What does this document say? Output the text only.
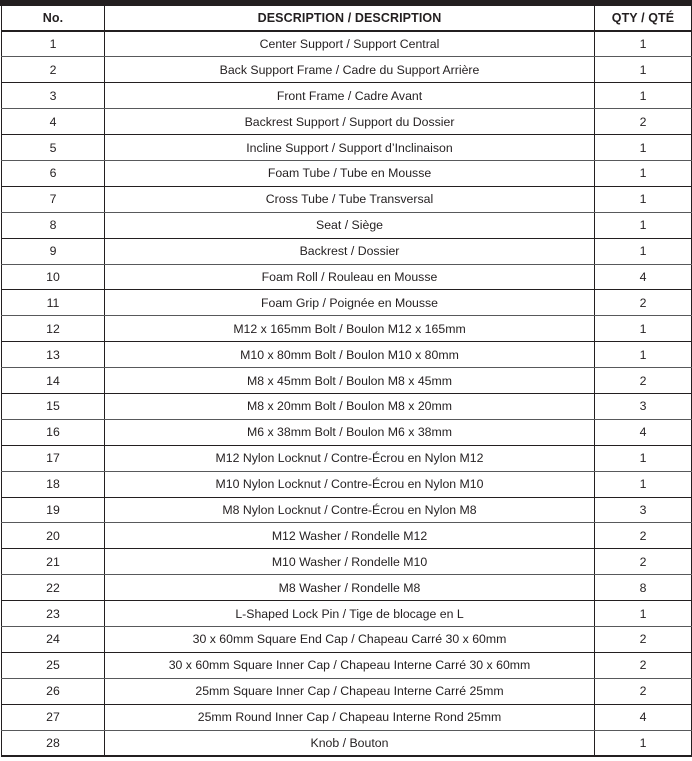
No.	DESCRIPTION / DESCRIPTION	QTY / QTÉ
1	Center Support / Support Central	1
2	Back Support Frame / Cadre du Support Arrière	1
3	Front Frame / Cadre Avant	1
4	Backrest Support / Support du Dossier	2
5	Incline Support / Support d’Inclinaison	1
6	Foam Tube / Tube en Mousse	1
7	Cross Tube / Tube Transversal	1
8	Seat / Siège	1
9	Backrest / Dossier	1
10	Foam Roll / Rouleau en Mousse	4
11	Foam Grip / Poignée en Mousse	2
12	M12 x 165mm Bolt / Boulon M12 x 165mm	1
13	M10 x 80mm Bolt / Boulon M10 x 80mm	1
14	M8 x 45mm Bolt / Boulon M8 x 45mm	2
15	M8 x 20mm Bolt / Boulon M8 x 20mm	3
16	M6 x 38mm Bolt / Boulon M6 x 38mm	4
17	M12 Nylon Locknut / Contre-Écrou en Nylon M12	1
18	M10 Nylon Locknut / Contre-Écrou en Nylon M10	1
19	M8 Nylon Locknut / Contre-Écrou en Nylon M8	3
20	M12 Washer / Rondelle M12	2
21	M10 Washer / Rondelle M10	2
22	M8 Washer / Rondelle M8	8
23	L-Shaped Lock Pin / Tige de blocage en L	1
24	30 x 60mm Square End Cap / Chapeau Carré 30 x 60mm	2
25	30 x 60mm Square Inner Cap / Chapeau Interne Carré 30 x 60mm	2
26	25mm Square Inner Cap / Chapeau Interne Carré 25mm	2
27	25mm Round Inner Cap / Chapeau Interne Rond 25mm	4
28	Knob / Bouton	1
